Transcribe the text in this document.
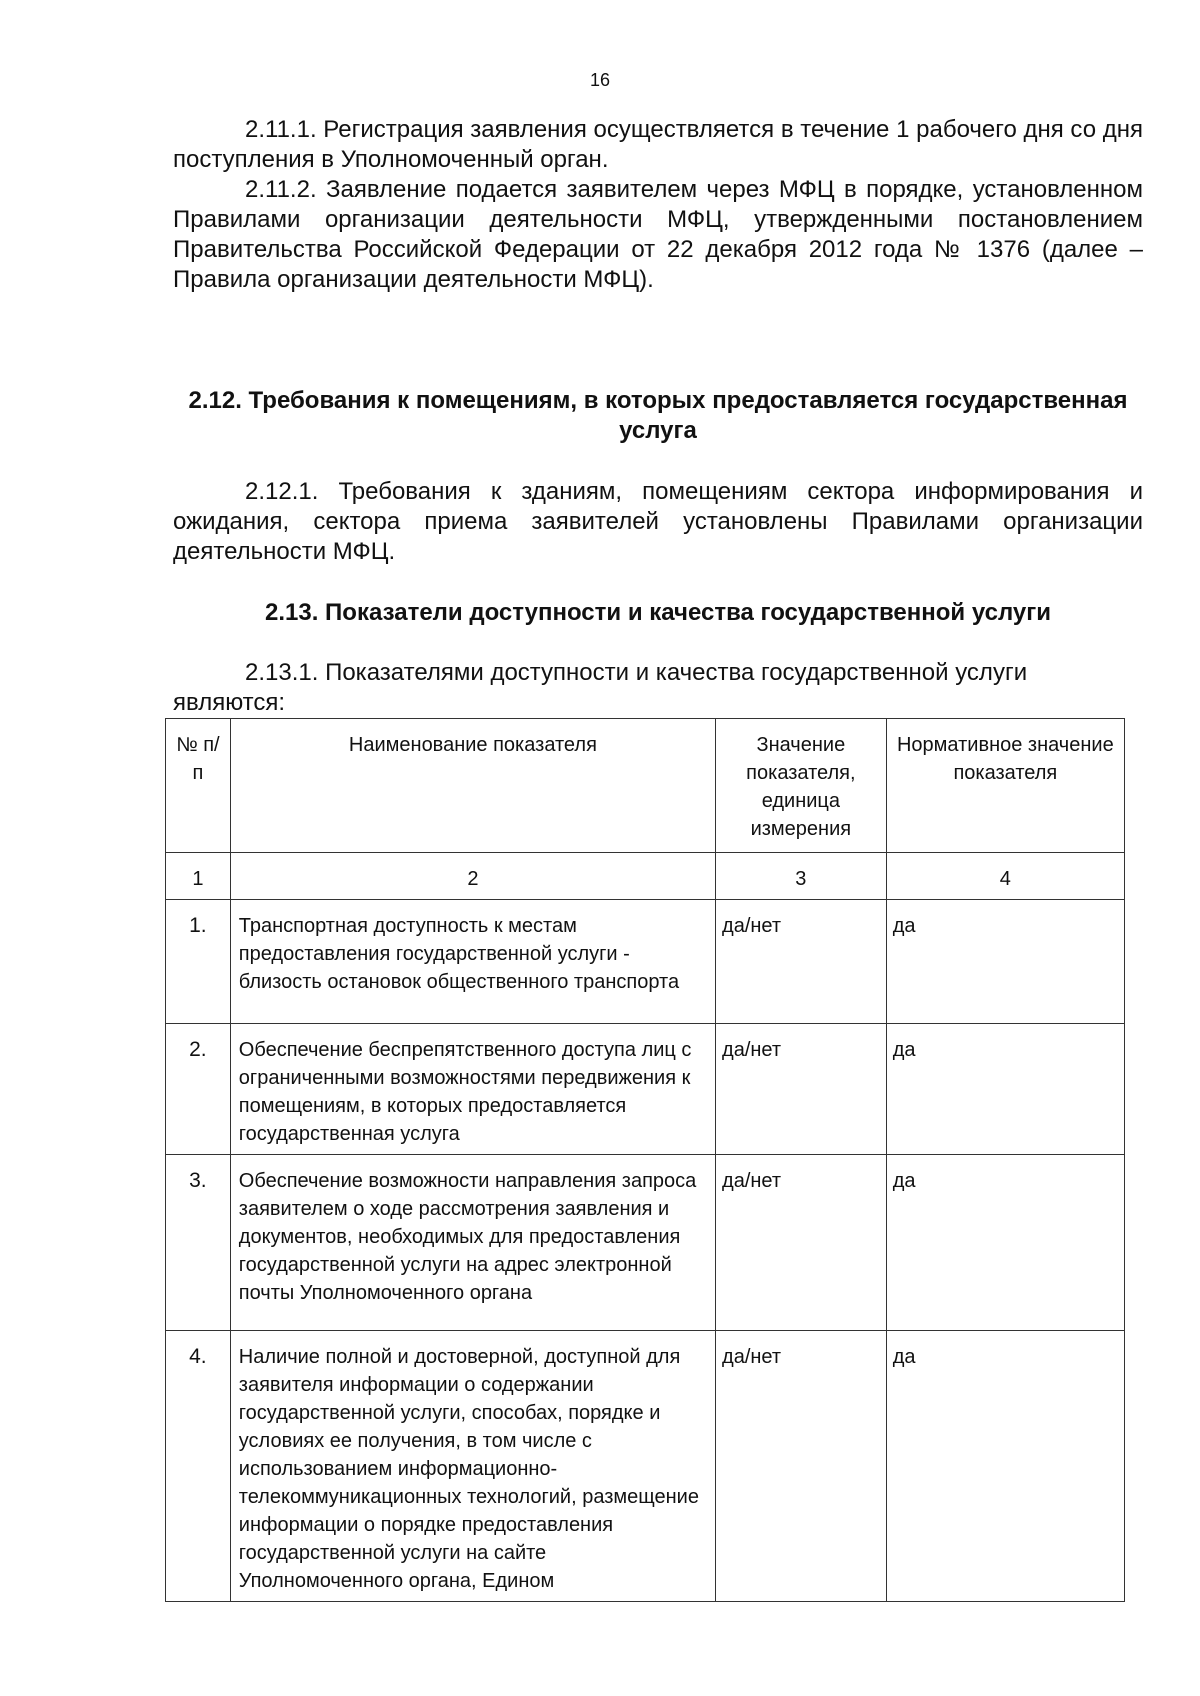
16

2.11.1. Регистрация заявления осуществляется в течение 1 рабочего дня со дня поступления в Уполномоченный орган.

2.11.2. Заявление подается заявителем через МФЦ в порядке, установленном Правилами организации деятельности МФЦ, утвержденными постановлением Правительства Российской Федерации от 22 декабря 2012 года № 1376 (далее – Правила организации деятельности МФЦ).

2.12. Требования к помещениям, в которых предоставляется государственная услуга

2.12.1. Требования к зданиям, помещениям сектора информирования и ожидания, сектора приема заявителей установлены Правилами организации деятельности МФЦ.

2.13. Показатели доступности и качества государственной услуги

2.13.1. Показателями доступности и качества государственной услуги являются:

№ п/п	Наименование показателя	Значение показателя, единица измерения	Нормативное значение показателя
1	2	3	4
1.	Транспортная доступность к местам предоставления государственной услуги - близость остановок общественного транспорта	да/нет	да
2.	Обеспечение беспрепятственного доступа лиц с ограниченными возможностями передвижения к помещениям, в которых предоставляется государственная услуга	да/нет	да
3.	Обеспечение возможности направления запроса заявителем о ходе рассмотрения заявления и документов, необходимых для предоставления государственной услуги на адрес электронной почты Уполномоченного органа	да/нет	да
4.	Наличие полной и достоверной, доступной для заявителя информации о содержании государственной услуги, способах, порядке и условиях ее получения, в том числе с использованием информационно-телекоммуникационных технологий, размещение информации о порядке предоставления государственной услуги на сайте Уполномоченного органа, Едином	да/нет	да
